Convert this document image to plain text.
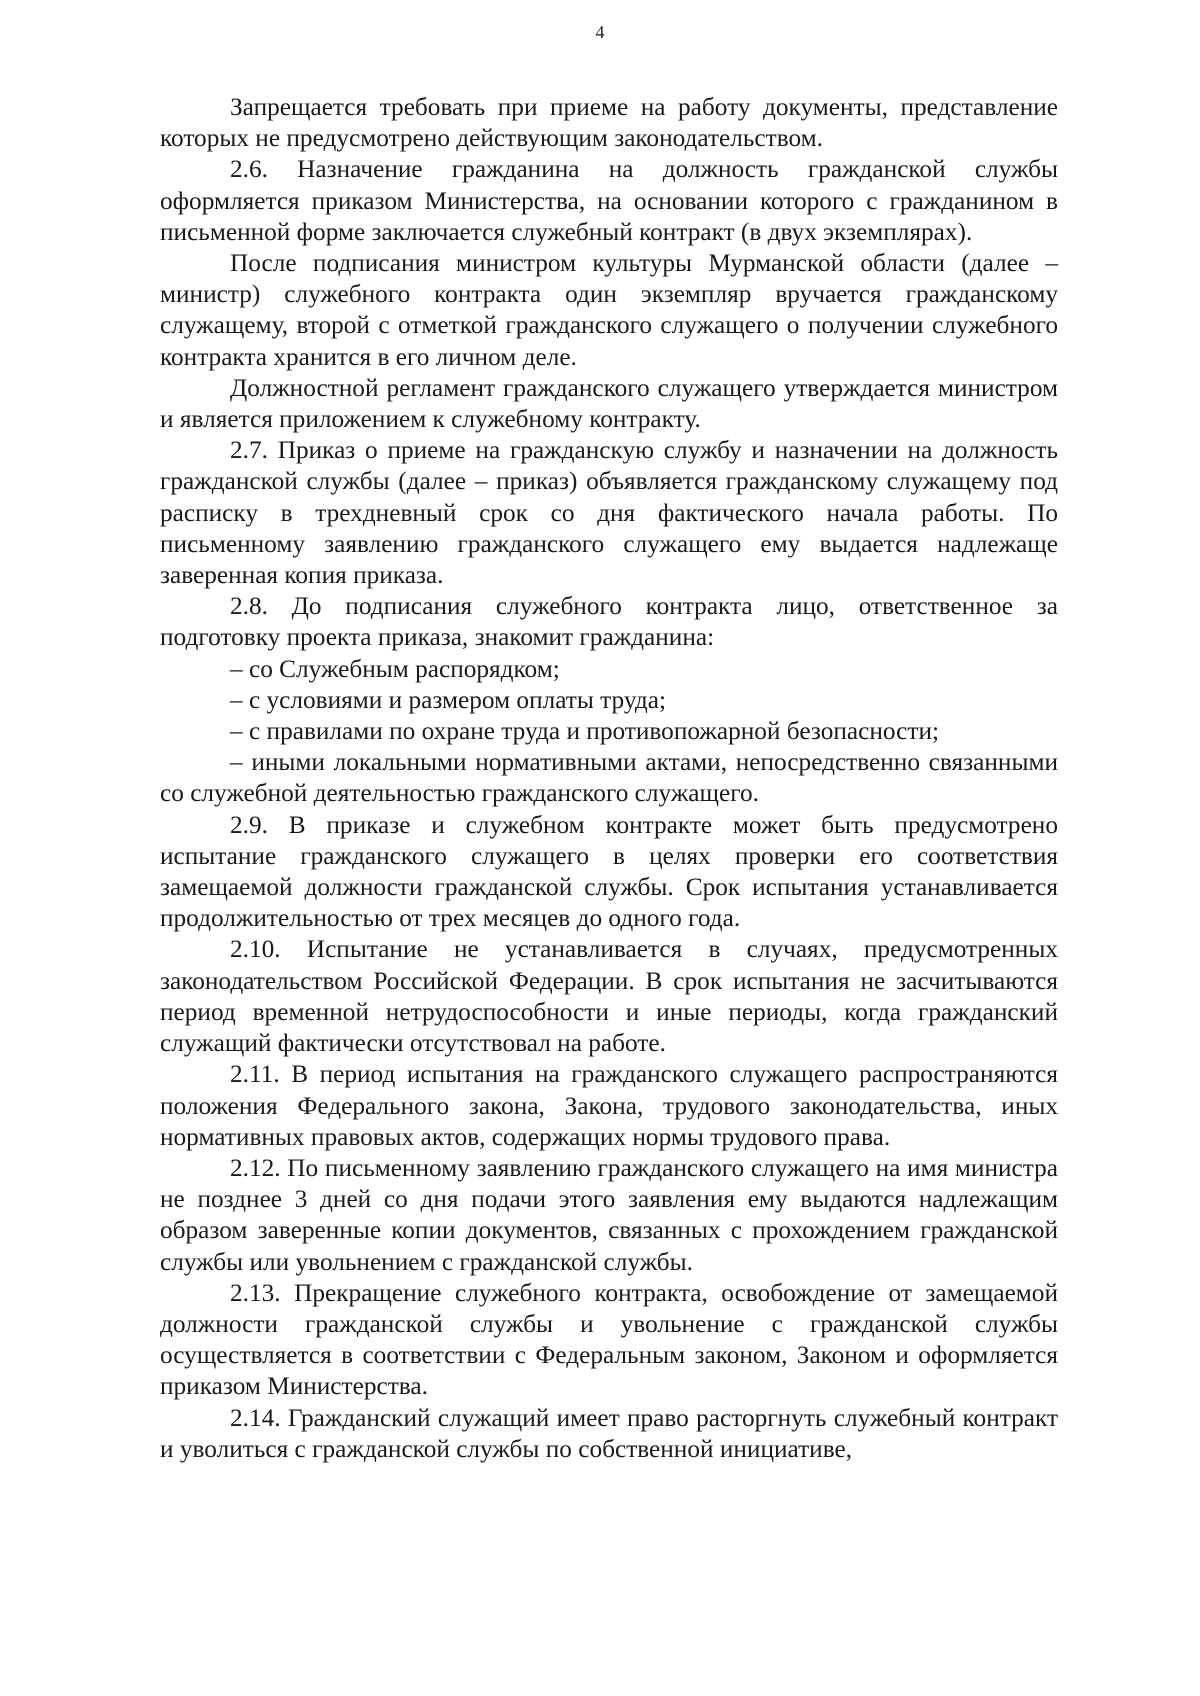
4

Запрещается требовать при приеме на работу документы, представление которых не предусмотрено действующим законодательством.

2.6. Назначение гражданина на должность гражданской службы оформляется приказом Министерства, на основании которого с гражданином в письменной форме заключается служебный контракт (в двух экземплярах).

После подписания министром культуры Мурманской области (далее – министр) служебного контракта один экземпляр вручается гражданскому служащему, второй с отметкой гражданского служащего о получении служебного контракта хранится в его личном деле.

Должностной регламент гражданского служащего утверждается министром и является приложением к служебному контракту.

2.7. Приказ о приеме на гражданскую службу и назначении на должность гражданской службы (далее – приказ) объявляется гражданскому служащему под расписку в трехдневный срок со дня фактического начала работы. По письменному заявлению гражданского служащего ему выдается надлежаще заверенная копия приказа.

2.8. До подписания служебного контракта лицо, ответственное за подготовку проекта приказа, знакомит гражданина:

– со Служебным распорядком;

– с условиями и размером оплаты труда;

– с правилами по охране труда и противопожарной безопасности;

– иными локальными нормативными актами, непосредственно связанными со служебной деятельностью гражданского служащего.

2.9. В приказе и служебном контракте может быть предусмотрено испытание гражданского служащего в целях проверки его соответствия замещаемой должности гражданской службы. Срок испытания устанавливается продолжительностью от трех месяцев до одного года.

2.10. Испытание не устанавливается в случаях, предусмотренных законодательством Российской Федерации. В срок испытания не засчитываются период временной нетрудоспособности и иные периоды, когда гражданский служащий фактически отсутствовал на работе.

2.11. В период испытания на гражданского служащего распространяются положения Федерального закона, Закона, трудового законодательства, иных нормативных правовых актов, содержащих нормы трудового права.

2.12. По письменному заявлению гражданского служащего на имя министра не позднее 3 дней со дня подачи этого заявления ему выдаются надлежащим образом заверенные копии документов, связанных с прохождением гражданской службы или увольнением с гражданской службы.

2.13. Прекращение служебного контракта, освобождение от замещаемой должности гражданской службы и увольнение с гражданской службы осуществляется в соответствии с Федеральным законом, Законом и оформляется приказом Министерства.

2.14. Гражданский служащий имеет право расторгнуть служебный контракт и уволиться с гражданской службы по собственной инициативе,
